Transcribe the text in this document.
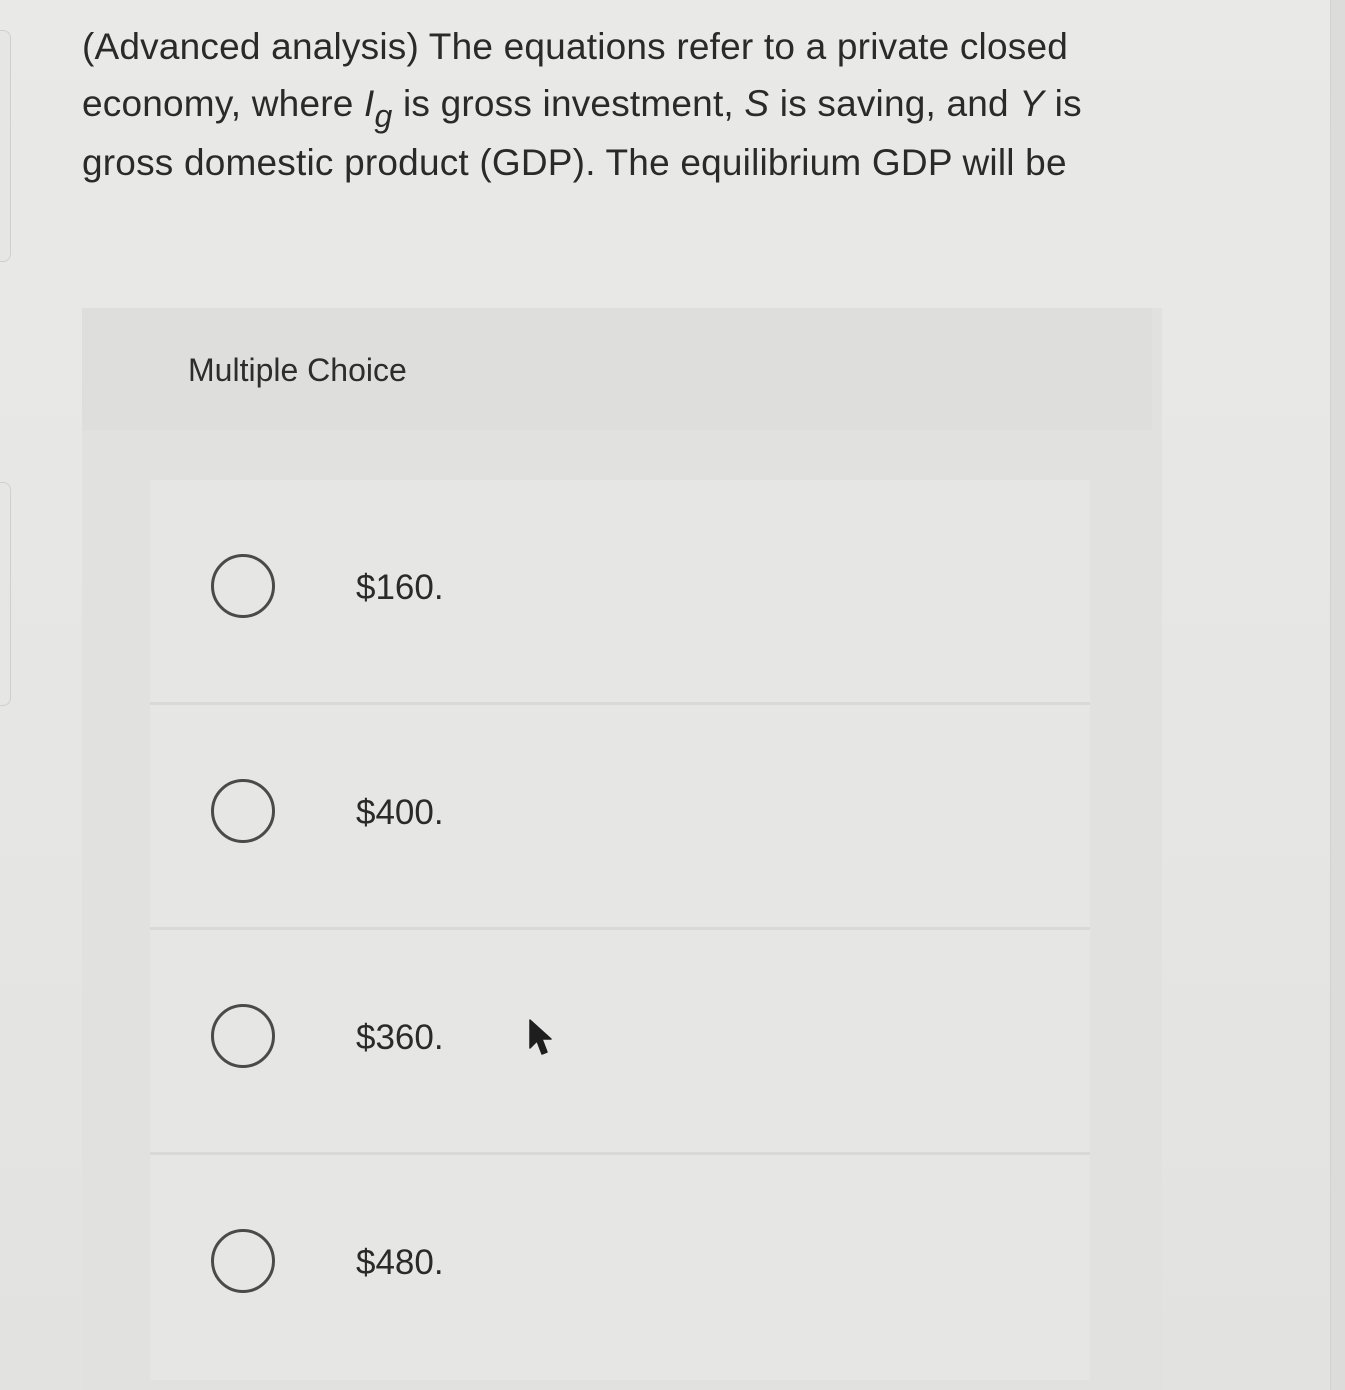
(Advanced analysis) The equations refer to a private closed
economy, where Ig is gross investment, S is saving, and Y is
gross domestic product (GDP). The equilibrium GDP will be
Multiple Choice
$160.
$400.
$360.
$480.
